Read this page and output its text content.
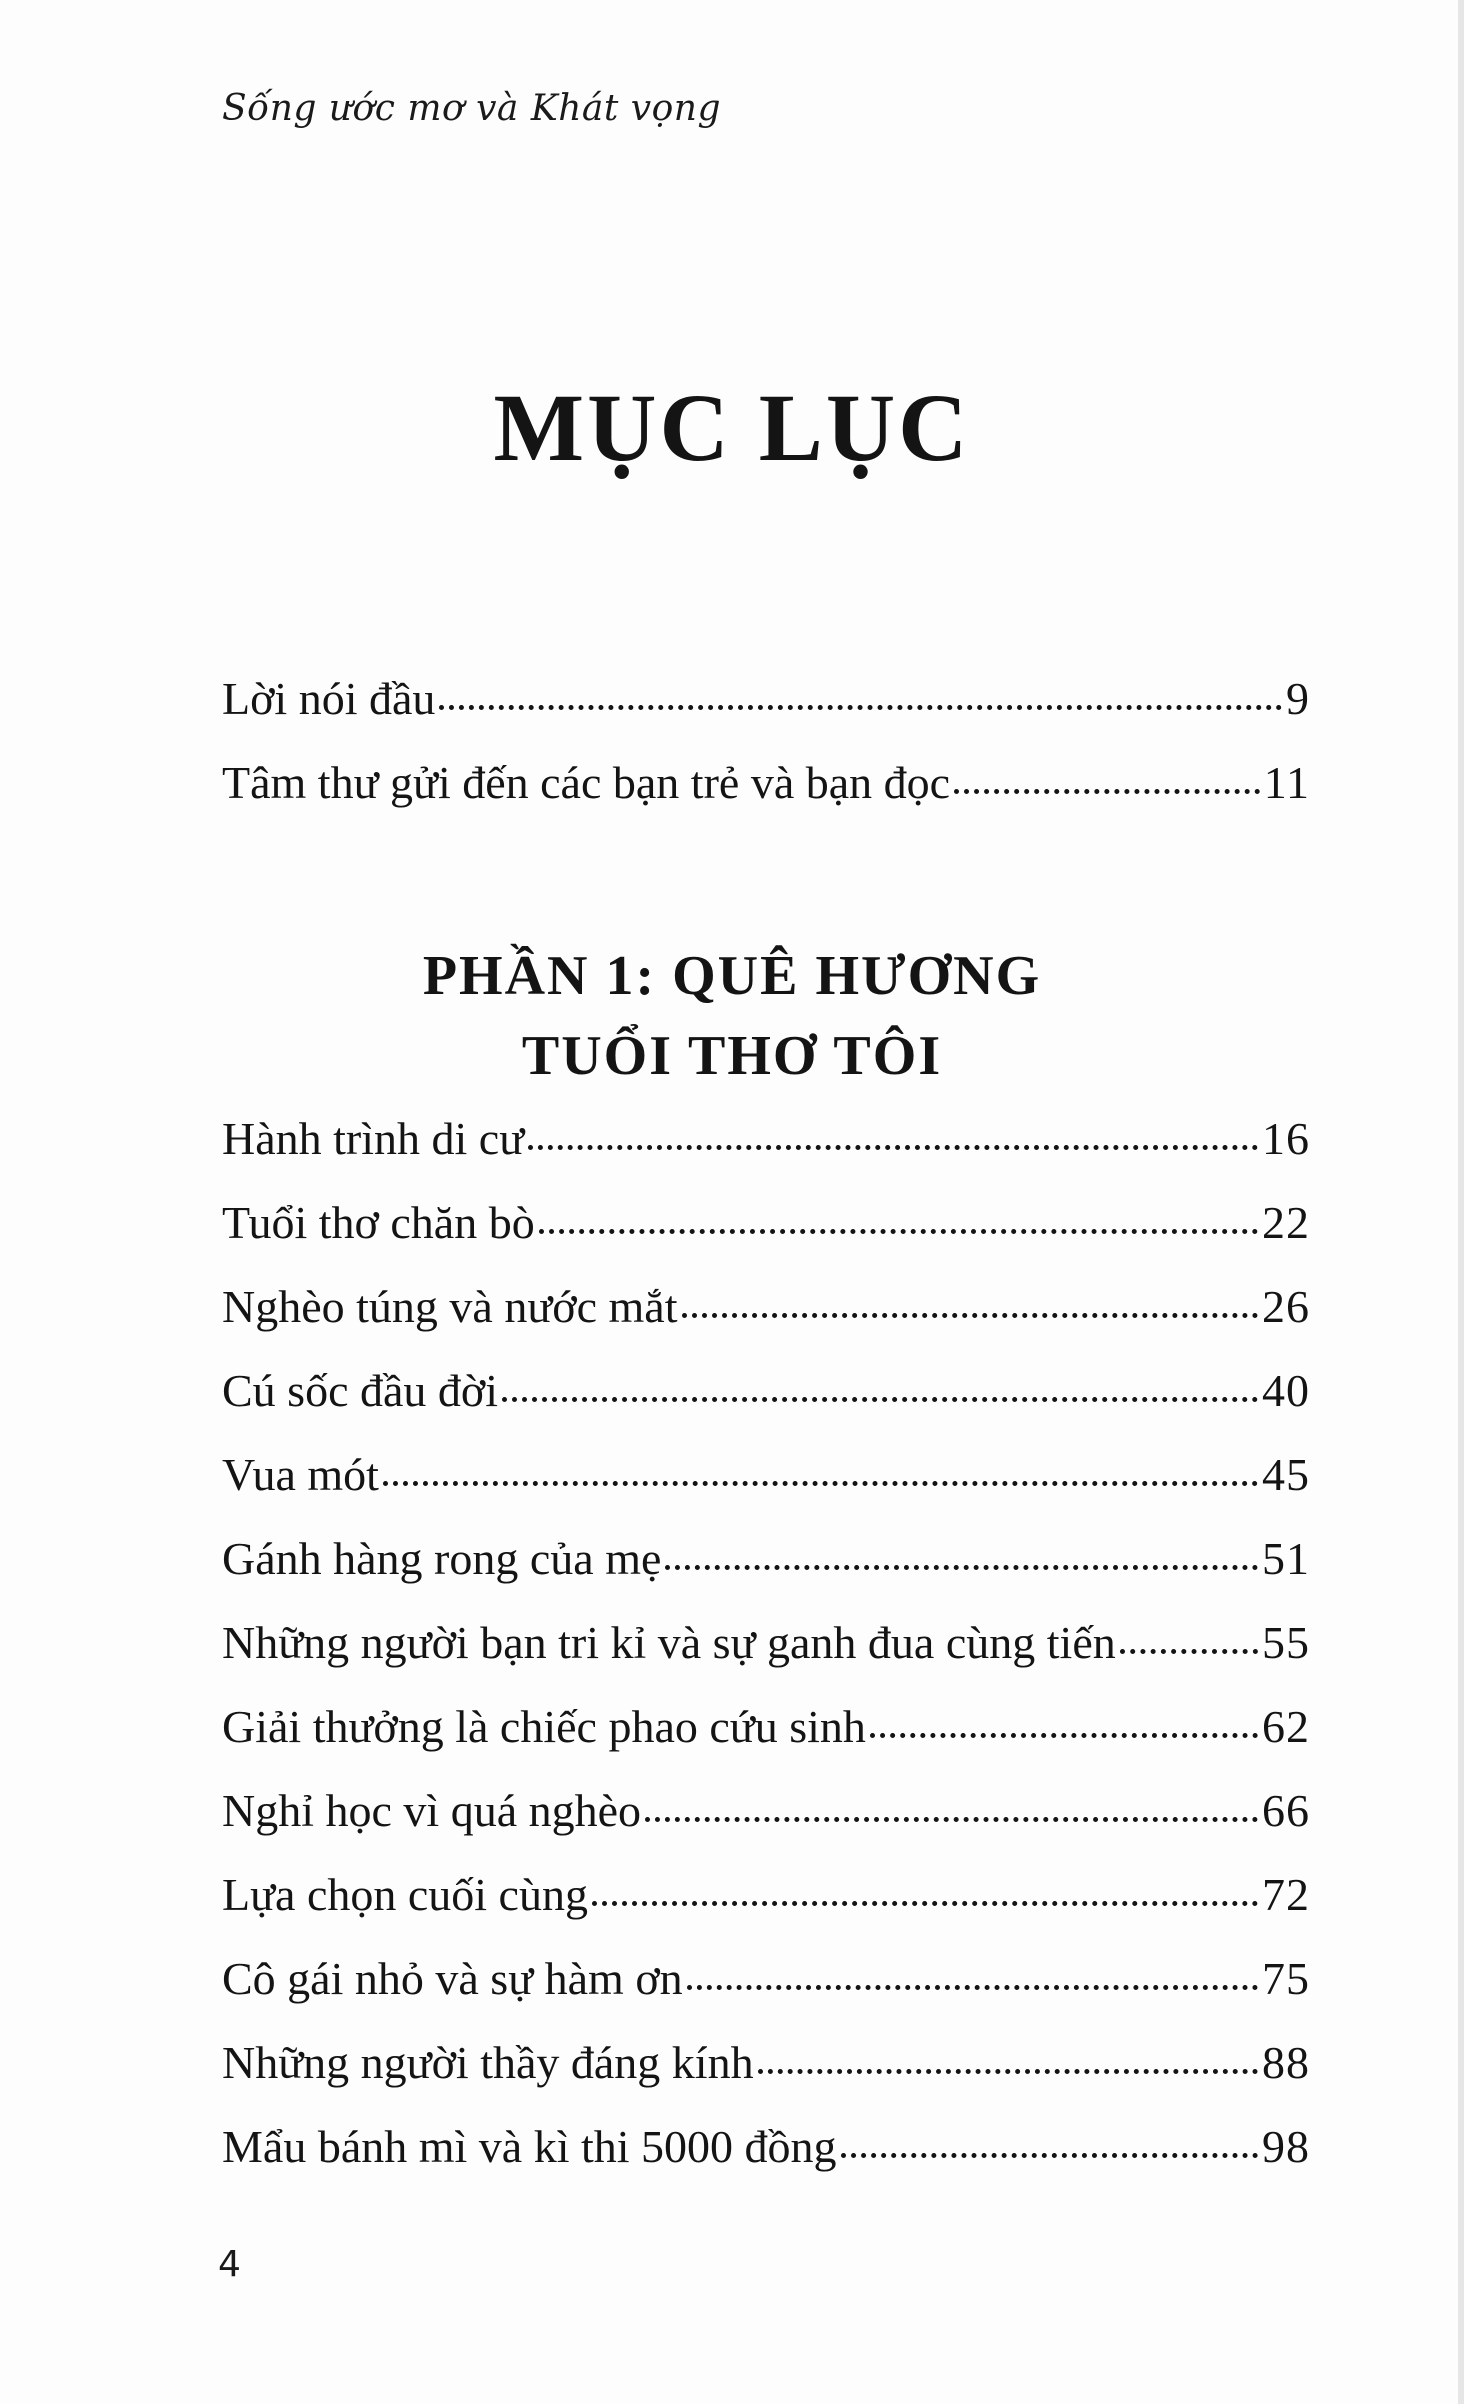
Sống ước mơ và Khát vọng
MỤC LỤC
Lời nói đầu	9
Tâm thư gửi đến các bạn trẻ và bạn đọc	11
PHẦN 1: QUÊ HƯƠNG
TUỔI THƠ TÔI
Hành trình di cư	16
Tuổi thơ chăn bò	22
Nghèo túng và nước mắt	26
Cú sốc đầu đời	40
Vua mót	45
Gánh hàng rong của mẹ	51
Những người bạn tri kỉ và sự ganh đua cùng tiến	55
Giải thưởng là chiếc phao cứu sinh	62
Nghỉ học vì quá nghèo	66
Lựa chọn cuối cùng	72
Cô gái nhỏ và sự hàm ơn	75
Những người thầy đáng kính	88
Mẩu bánh mì và kì thi 5000 đồng	98
4
